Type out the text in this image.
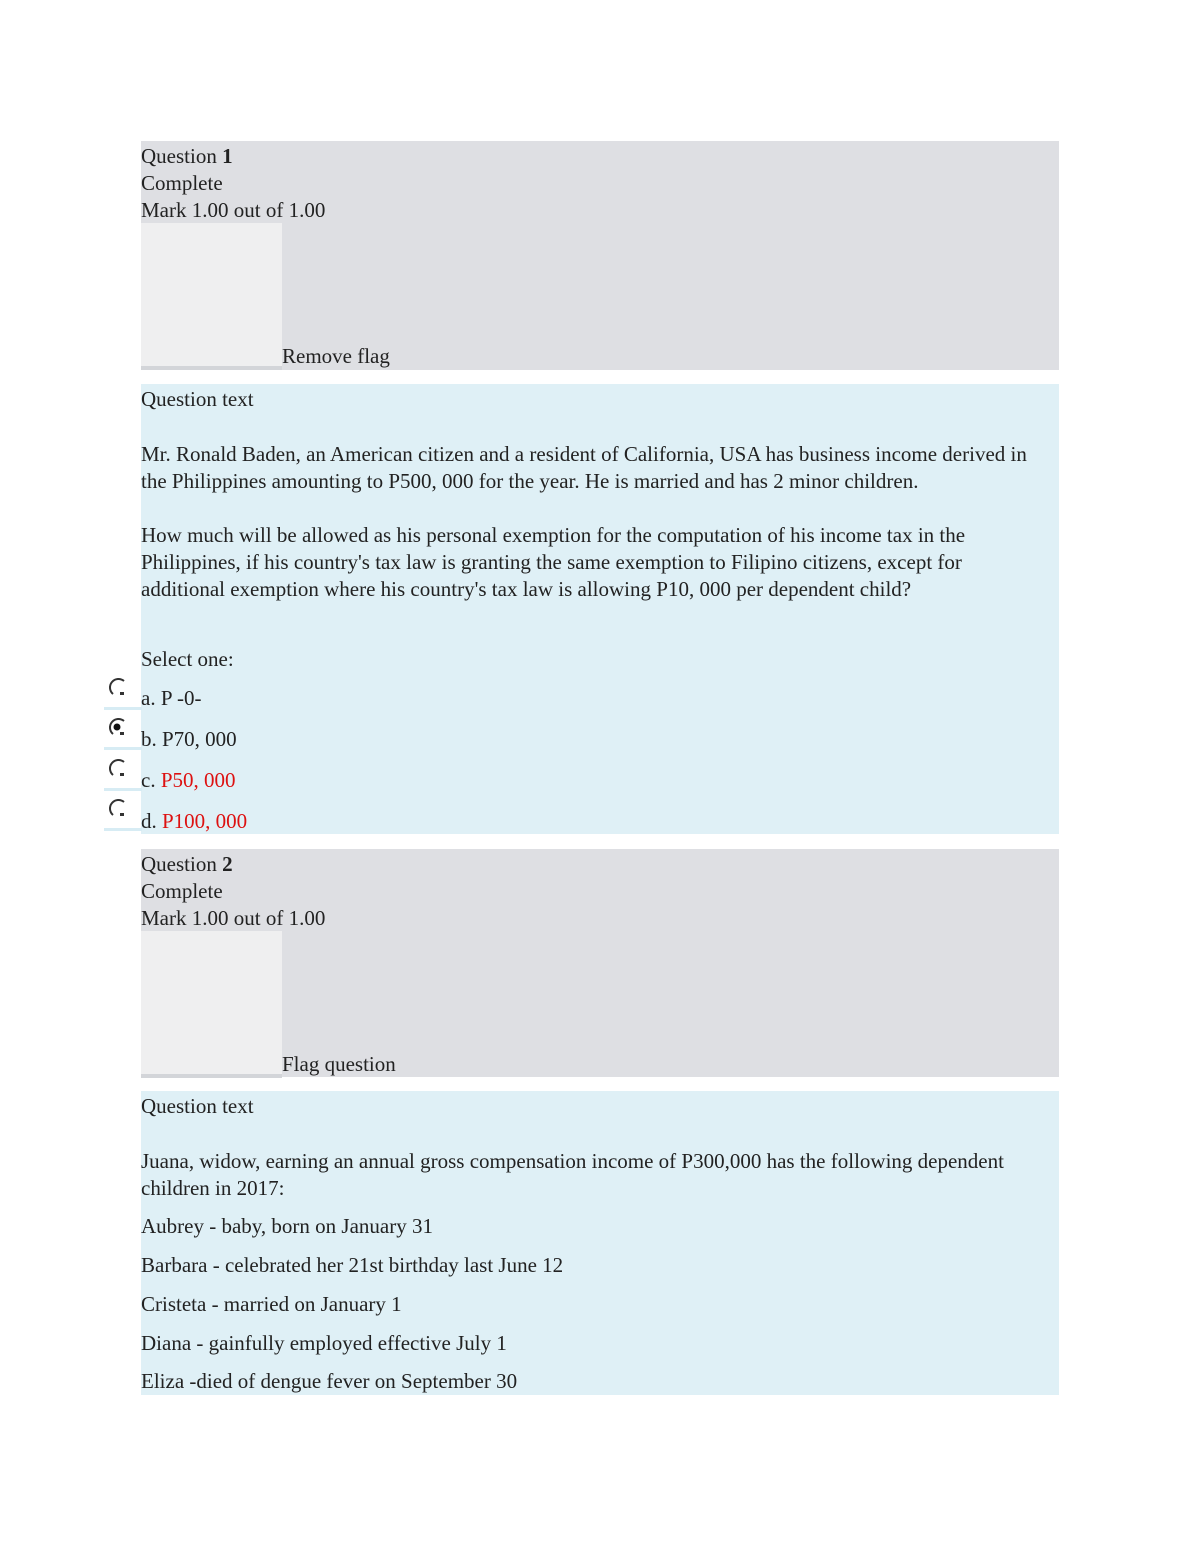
Question 1
Complete
Mark 1.00 out of 1.00
Remove flag
Question text
Mr. Ronald Baden, an American citizen and a resident of California, USA has business income derived in the Philippines amounting to P500, 000 for the year. He is married and has 2 minor children.
How much will be allowed as his personal exemption for the computation of his income tax in the Philippines, if his country's tax law is granting the same exemption to Filipino citizens, except for additional exemption where his country's tax law is allowing P10, 000 per dependent child?
Select one:
a. P -0-
b. P70, 000
c. P50, 000
d. P100, 000
Question 2
Complete
Mark 1.00 out of 1.00
Flag question
Question text
Juana, widow, earning an annual gross compensation income of P300,000 has the following dependent children in 2017:
Aubrey - baby, born on January 31
Barbara - celebrated her 21st birthday last June 12
Cristeta - married on January 1
Diana - gainfully employed effective July 1
Eliza -died of dengue fever on September 30
